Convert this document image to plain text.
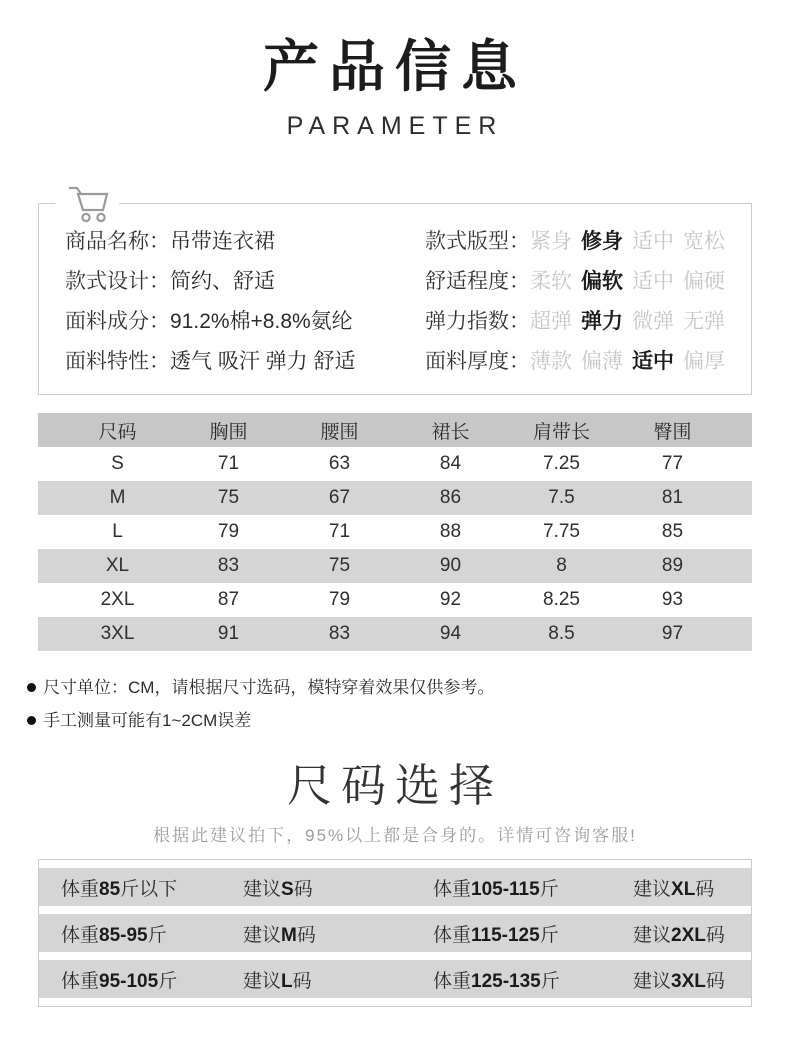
产品信息
PARAMETER
商品名称：吊带连衣裙
款式设计：简约、舒适
面料成分：91.2%棉+8.8%氨纶
面料特性：透气 吸汗 弹力 舒适
款式版型：紧身 修身 适中 宽松
舒适程度：柔软 偏软 适中 偏硬
弹力指数：超弹 弹力 微弹 无弹
面料厚度：薄款 偏薄 适中 偏厚
尺码	胸围	腰围	裙长	肩带长	臀围
S	71	63	84	7.25	77
M	75	67	86	7.5	81
L	79	71	88	7.75	85
XL	83	75	90	8	89
2XL	87	79	92	8.25	93
3XL	91	83	94	8.5	97
尺寸单位：CM，请根据尺寸选码，模特穿着效果仅供参考。
手工测量可能有1~2CM误差
尺码选择
根据此建议拍下，95%以上都是合身的。详情可咨询客服!
体重85斤以下	建议S码	体重105-115斤	建议XL码
体重85-95斤	建议M码	体重115-125斤	建议2XL码
体重95-105斤	建议L码	体重125-135斤	建议3XL码
